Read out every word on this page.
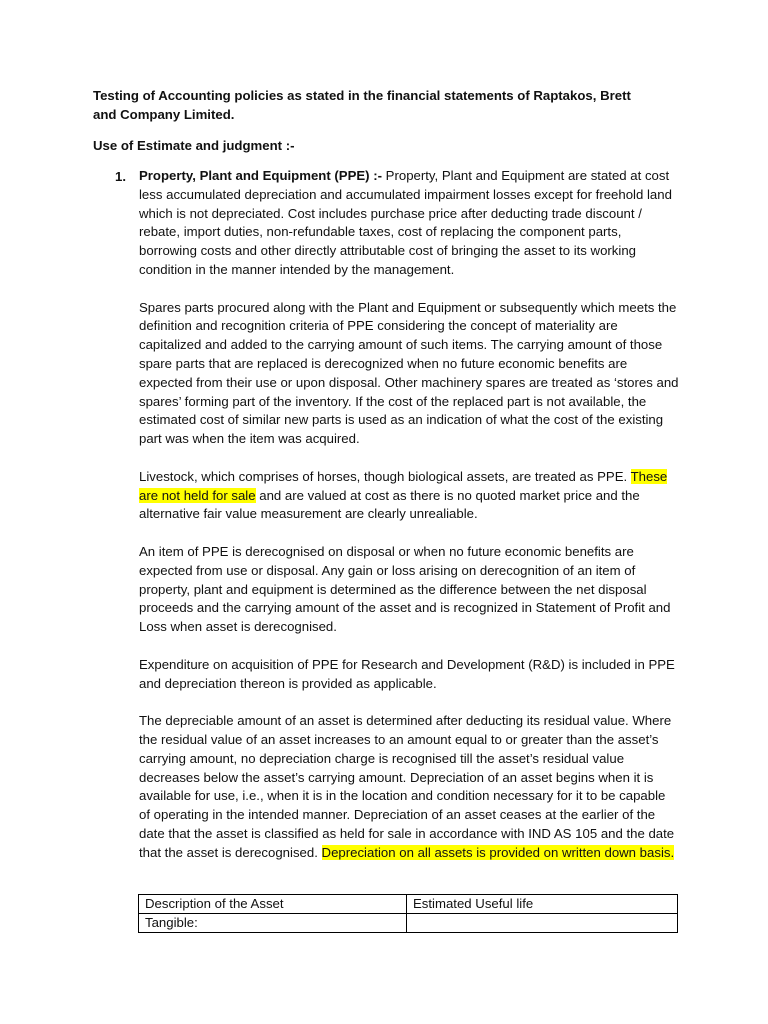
Testing of Accounting policies as stated in the financial statements of Raptakos, Brett and Company Limited.
Use of Estimate and judgment :-
1. Property, Plant and Equipment (PPE) :- Property, Plant and Equipment are stated at cost less accumulated depreciation and accumulated impairment losses except for freehold land which is not depreciated. Cost includes purchase price after deducting trade discount / rebate, import duties, non-refundable taxes, cost of replacing the component parts, borrowing costs and other directly attributable cost of bringing the asset to its working condition in the manner intended by the management.

Spares parts procured along with the Plant and Equipment or subsequently which meets the definition and recognition criteria of PPE considering the concept of materiality are capitalized and added to the carrying amount of such items. The carrying amount of those spare parts that are replaced is derecognized when no future economic benefits are expected from their use or upon disposal. Other machinery spares are treated as ‘stores and spares’ forming part of the inventory. If the cost of the replaced part is not available, the estimated cost of similar new parts is used as an indication of what the cost of the existing part was when the item was acquired.

Livestock, which comprises of horses, though biological assets, are treated as PPE. These are not held for sale and are valued at cost as there is no quoted market price and the alternative fair value measurement are clearly unrealiable.

An item of PPE is derecognised on disposal or when no future economic benefits are expected from use or disposal. Any gain or loss arising on derecognition of an item of property, plant and equipment is determined as the difference between the net disposal proceeds and the carrying amount of the asset and is recognized in Statement of Profit and Loss when asset is derecognised.

Expenditure on acquisition of PPE for Research and Development (R&D) is included in PPE and depreciation thereon is provided as applicable.

The depreciable amount of an asset is determined after deducting its residual value. Where the residual value of an asset increases to an amount equal to or greater than the asset’s carrying amount, no depreciation charge is recognised till the asset’s residual value decreases below the asset’s carrying amount. Depreciation of an asset begins when it is available for use, i.e., when it is in the location and condition necessary for it to be capable of operating in the intended manner. Depreciation of an asset ceases at the earlier of the date that the asset is classified as held for sale in accordance with IND AS 105 and the date that the asset is derecognised. Depreciation on all assets is provided on written down basis.

Description of the Asset	Estimated Useful life
Tangible:	
